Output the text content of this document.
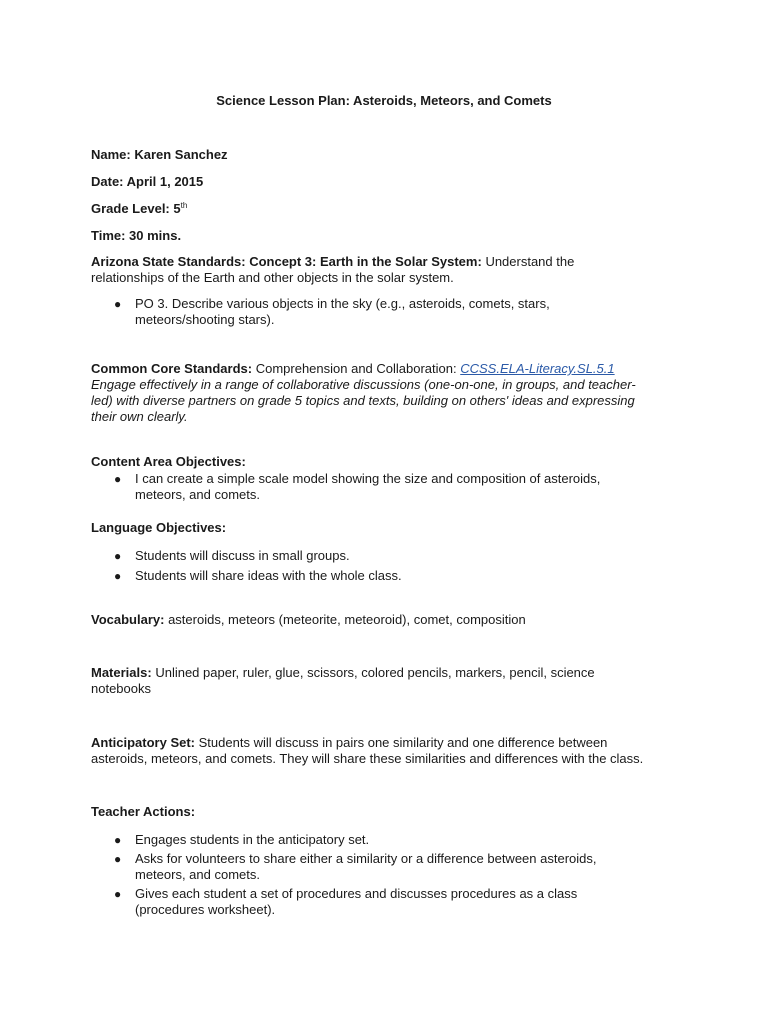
Science Lesson Plan: Asteroids, Meteors, and Comets
Name: Karen Sanchez
Date: April 1, 2015
Grade Level: 5th
Time: 30 mins.
Arizona State Standards: Concept 3: Earth in the Solar System: Understand the
relationships of the Earth and other objects in the solar system.
● PO 3. Describe various objects in the sky (e.g., asteroids, comets, stars,
meteors/shooting stars).
Common Core Standards: Comprehension and Collaboration: CCSS.ELA-Literacy.SL.5.1
Engage effectively in a range of collaborative discussions (one-on-one, in groups, and teacher-
led) with diverse partners on grade 5 topics and texts, building on others' ideas and expressing
their own clearly.
Content Area Objectives:
● I can create a simple scale model showing the size and composition of asteroids,
meteors, and comets.
Language Objectives:
● Students will discuss in small groups.
● Students will share ideas with the whole class.
Vocabulary: asteroids, meteors (meteorite, meteoroid), comet, composition
Materials: Unlined paper, ruler, glue, scissors, colored pencils, markers, pencil, science
notebooks
Anticipatory Set: Students will discuss in pairs one similarity and one difference between
asteroids, meteors, and comets. They will share these similarities and differences with the class.
Teacher Actions:
● Engages students in the anticipatory set.
● Asks for volunteers to share either a similarity or a difference between asteroids,
meteors, and comets.
● Gives each student a set of procedures and discusses procedures as a class
(procedures worksheet).
